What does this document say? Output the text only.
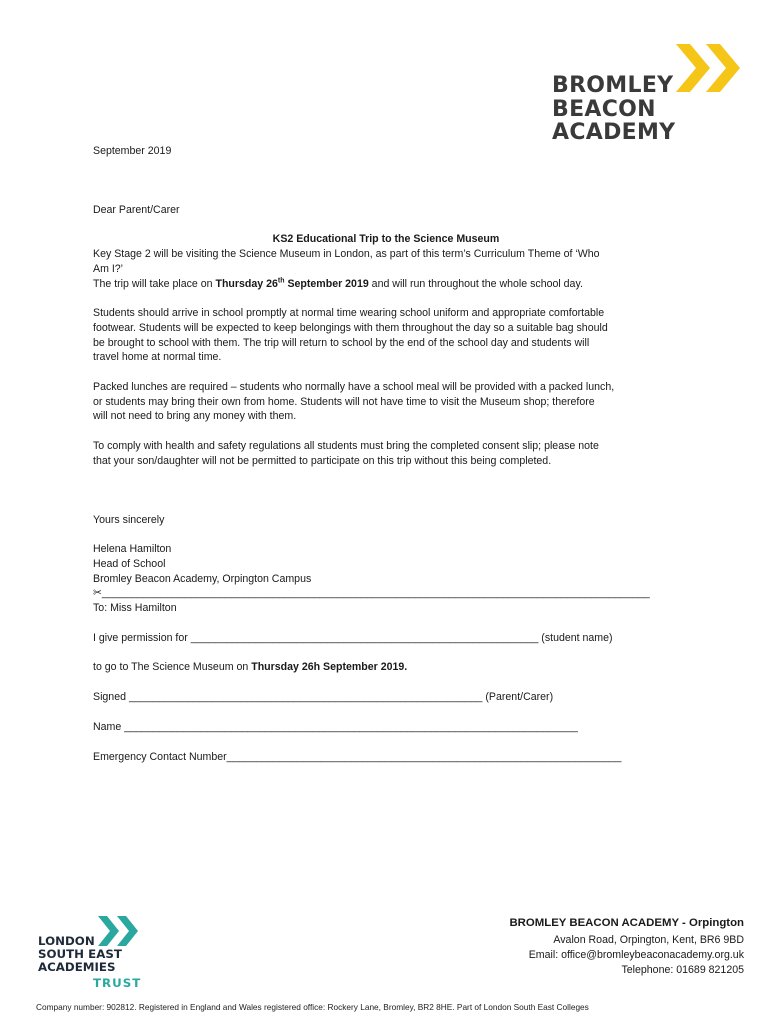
BROMLEY
BEACON
ACADEMY

September 2019

Dear Parent/Carer

KS2 Educational Trip to the Science Museum

Key Stage 2 will be visiting the Science Museum in London, as part of this term’s Curriculum Theme of ‘Who

Am I?’

The trip will take place on Thursday 26th September 2019 and will run throughout the whole school day.

Students should arrive in school promptly at normal time wearing school uniform and appropriate comfortable

footwear. Students will be expected to keep belongings with them throughout the day so a suitable bag should

be brought to school with them. The trip will return to school by the end of the school day and students will

travel home at normal time.

Packed lunches are required – students who normally have a school meal will be provided with a packed lunch,

or students may bring their own from home. Students will not have time to visit the Museum shop; therefore

will not need to bring any money with them.

To comply with health and safety regulations all students must bring the completed consent slip; please note

that your son/daughter will not be permitted to participate on this trip without this being completed.

Yours sincerely

Helena Hamilton

Head of School

Bromley Beacon Academy, Orpington Campus

✂_____________________________________________________________________________________________

To: Miss Hamilton

I give permission for ___________________________________________________________ (student name)

to go to The Science Museum on Thursday 26h September 2019.

Signed ____________________________________________________________ (Parent/Carer)

Name _____________________________________________________________________________

Emergency Contact Number___________________________________________________________________

LONDON
SOUTH EAST
ACADEMIES
TRUST
BROMLEY BEACON ACADEMY - Orpington
Avalon Road, Orpington, Kent, BR6 9BD
Email: office@bromleybeaconacademy.org.uk
Telephone: 01689 821205
Company number: 902812. Registered in England and Wales registered office: Rockery Lane, Bromley, BR2 8HE. Part of London South East Colleges
